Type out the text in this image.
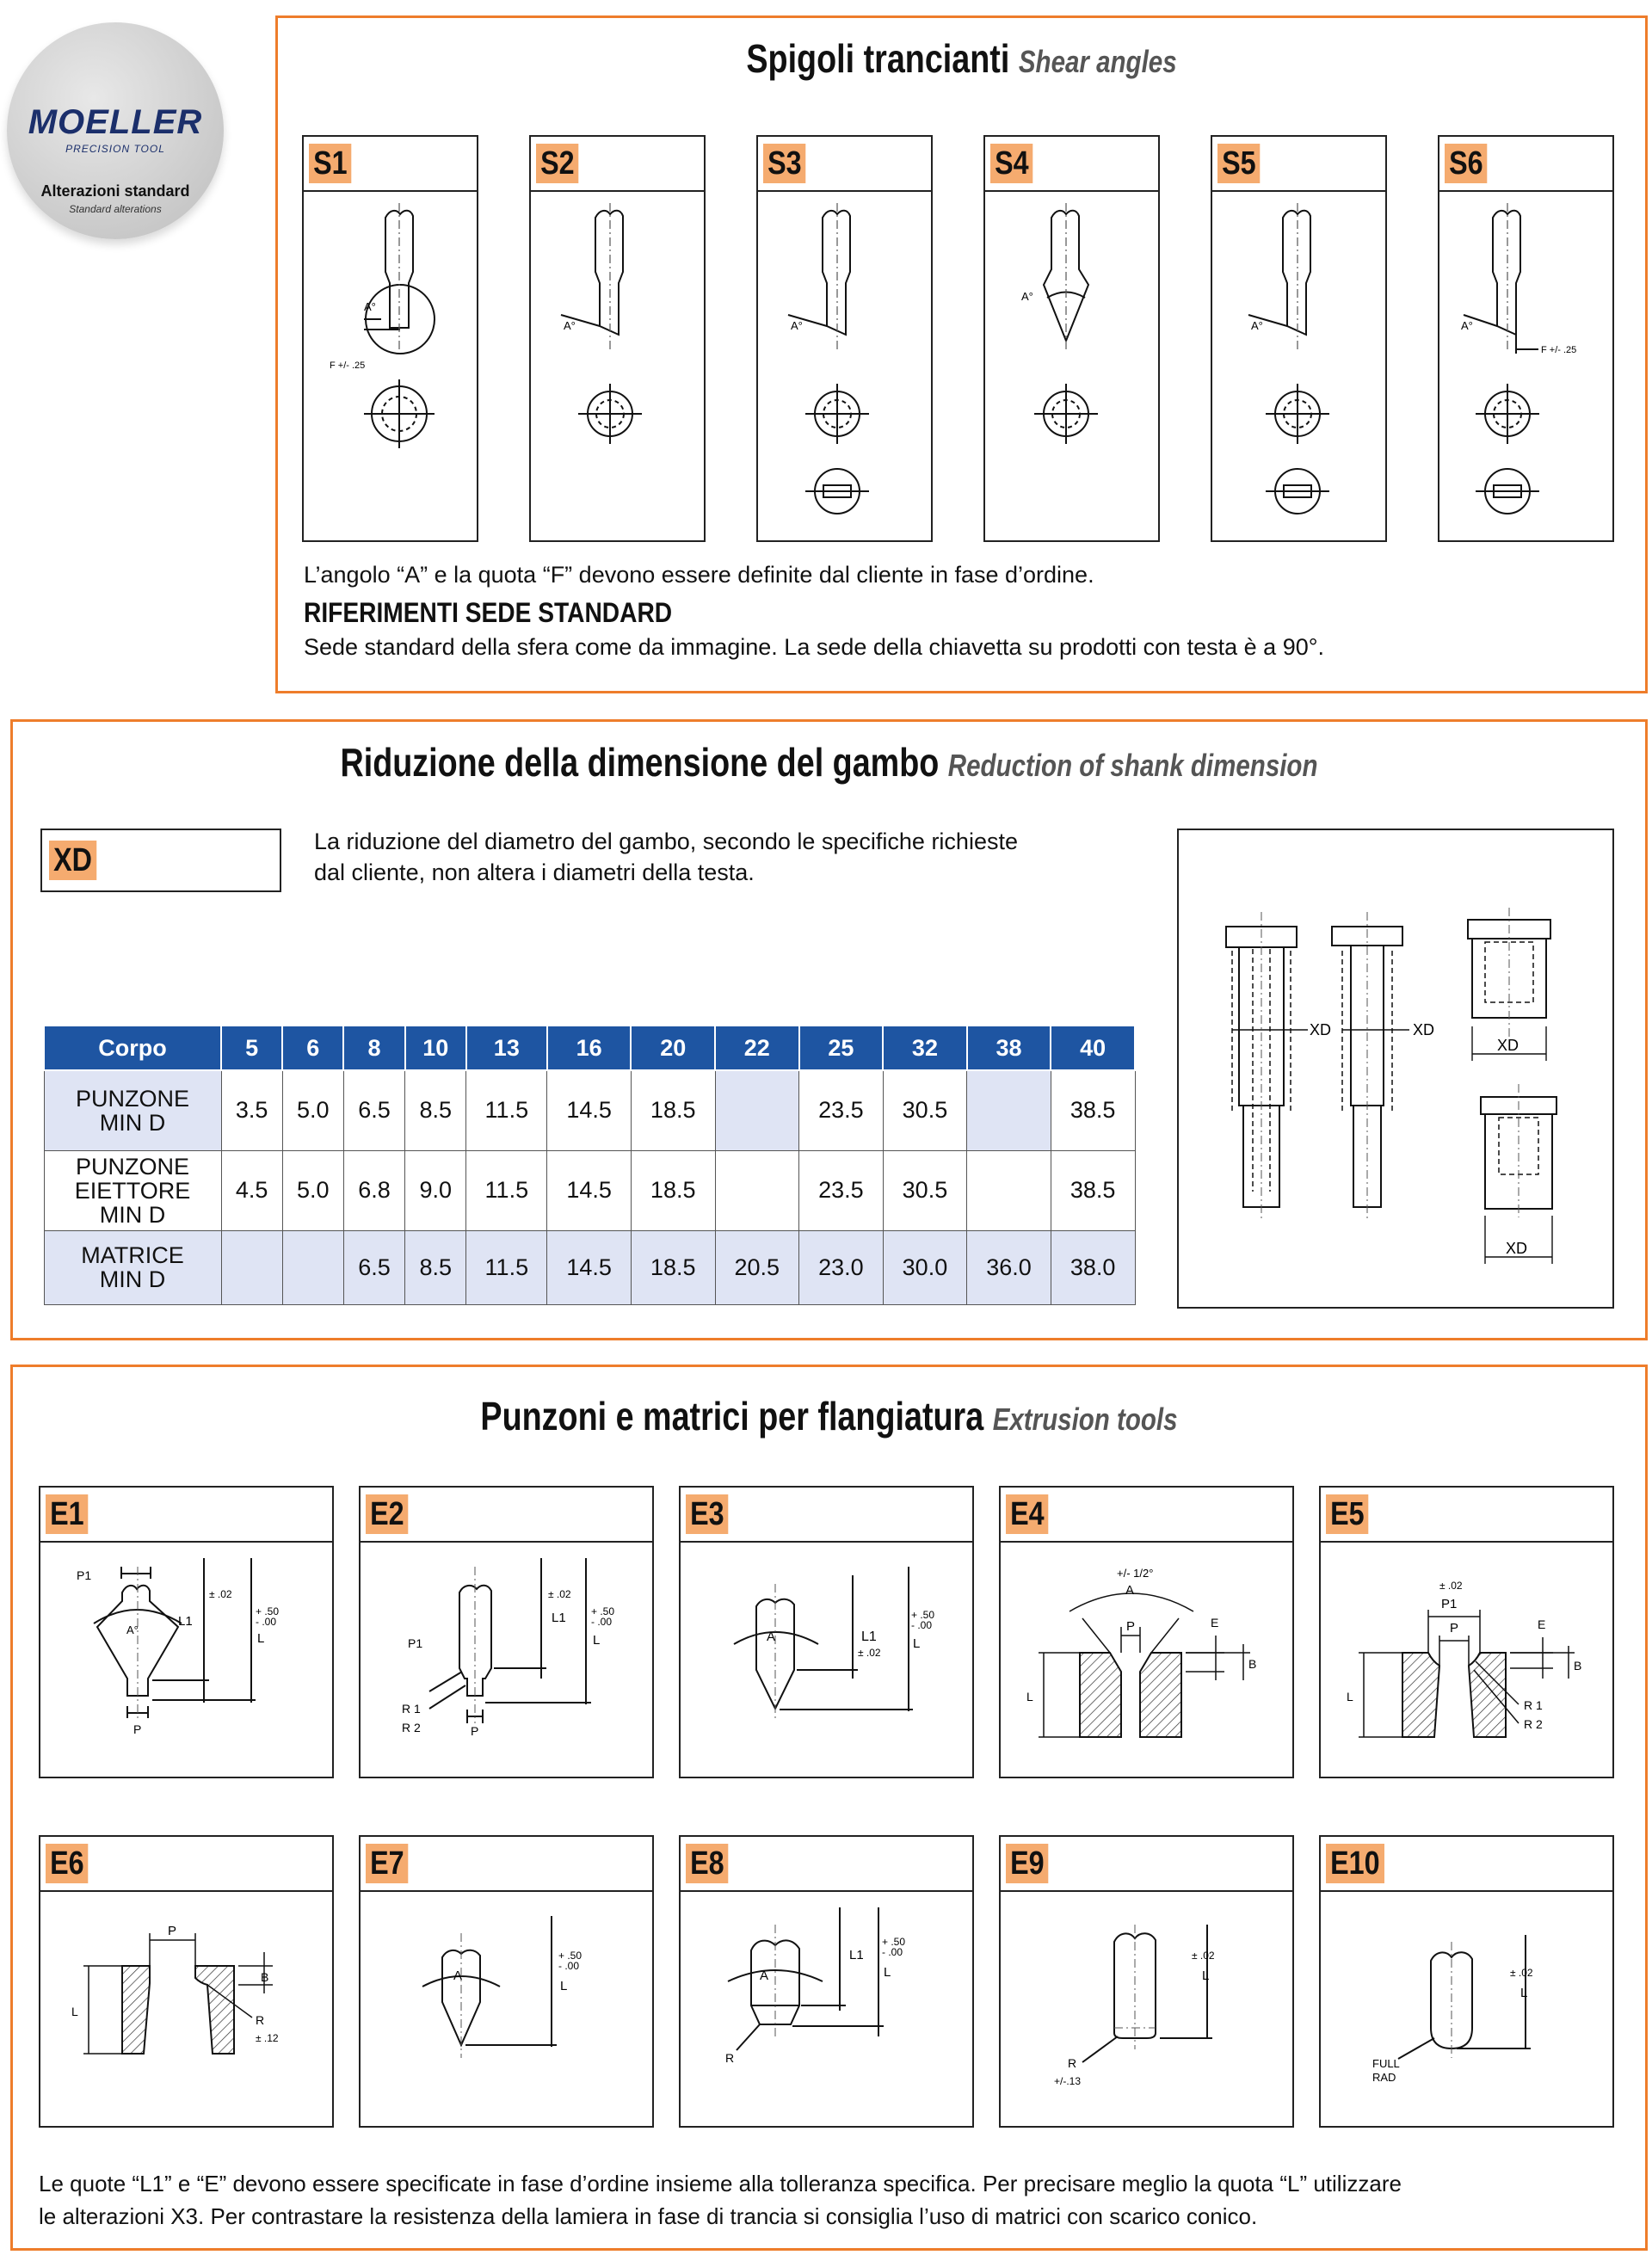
MOELLER
PRECISION TOOL
Alterazioni standard
Standard alterations
Spigoli trancianti Shear angles
S1
A°
F +/- .25
S2
A°
S3
A°
S4
A°
S5
A°
S6
A°
F +/- .25
L’angolo “A” e la quota “F” devono essere definite dal cliente in fase d’ordine.
RIFERIMENTI SEDE STANDARD
Sede standard della sfera come da immagine. La sede della chiavetta su prodotti con testa è a 90°.
Riduzione della dimensione del gambo Reduction of shank dimension
XD
La riduzione del diametro del gambo, secondo le specifiche richieste
dal cliente, non altera i diametri della testa.
Corpo	5	6	8	10	13	16	20	22	25	32	38	40
PUNZONE
MIN D	3.5	5.0	6.5	8.5	11.5	14.5	18.5		23.5	30.5		38.5
PUNZONE
EIETTORE
MIN D	4.5	5.0	6.8	9.0	11.5	14.5	18.5		23.5	30.5		38.5
MATRICE
MIN D			6.5	8.5	11.5	14.5	18.5	20.5	23.0	30.0	36.0	38.0
XD	XD
XD
XD
Punzoni e matrici per flangiatura Extrusion tools
E1
P1
± .02
L1
+ .50
- .00
L
A°
P
E2
± .02
L1 + .50
- .00
L
P1
R 1
R 2	P
E3
A	L1
± .02
+ .50
- .00
L
E4
+/- 1/2°
A
P	E
B
L
E5
± .02
P1
P	E
B
L
R 1
R 2
E6
P
B
L
R
± .12
E7
+ .50
- .00
L
A
E8
L1
+ .50
- .00
L
A
R
E9
± .02
L
R
+/-.13
E10
± .02
L
FULL
RAD
Le quote “L1” e “E” devono essere specificate in fase d’ordine insieme alla tolleranza specifica. Per precisare meglio la quota “L” utilizzare
le alterazioni X3. Per contrastare la resistenza della lamiera in fase di trancia si consiglia l’uso di matrici con scarico conico.
